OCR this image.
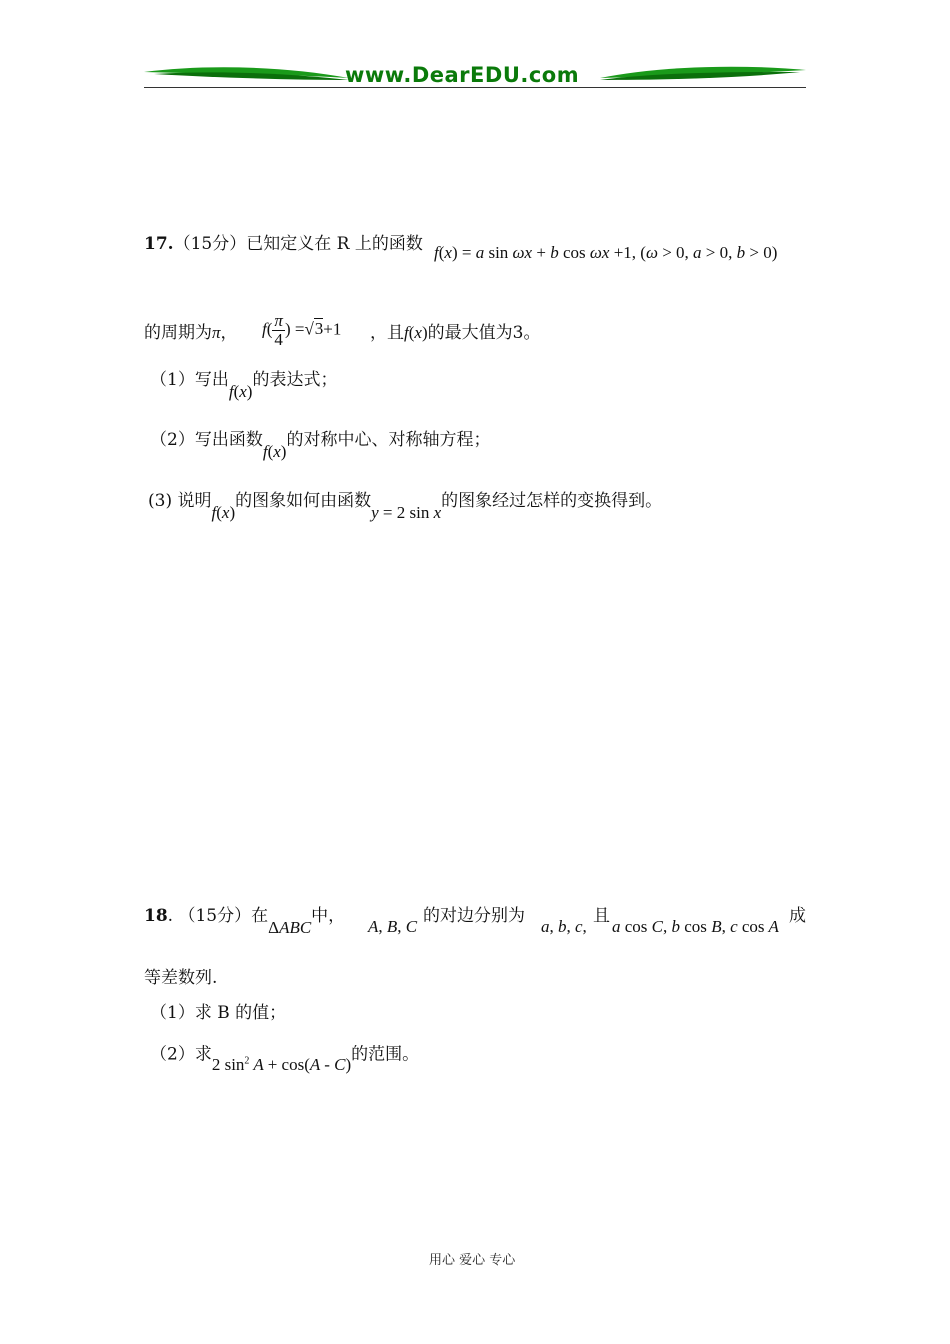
www.DearEDU.com
17.（15分）已知定义在 R 上的函数 f(x) = a sin ωx + b cos ωx +1, (ω > 0, a > 0, b > 0)
的周期为π， $f( \frac{\pi}{4}$ ) =√3+1 ，且f(x)的最大值为3。
（1）写出f(x)的表达式；
（2）写出函数f(x)的对称中心、对称轴方程；
(3) 说明f(x)的图象如何由函数y = 2 sin x的图象经过怎样的变换得到。
18. （15分）在ΔABC中，
A, B, C
的对边分别为
a, b, c,
且
a cos C, b cos B, c cos A
成
等差数列.
（1）求 B 的值；
（2）求2 $\sin^2 A + \cos(A - C)$的范围。
用心 爱心 专心
